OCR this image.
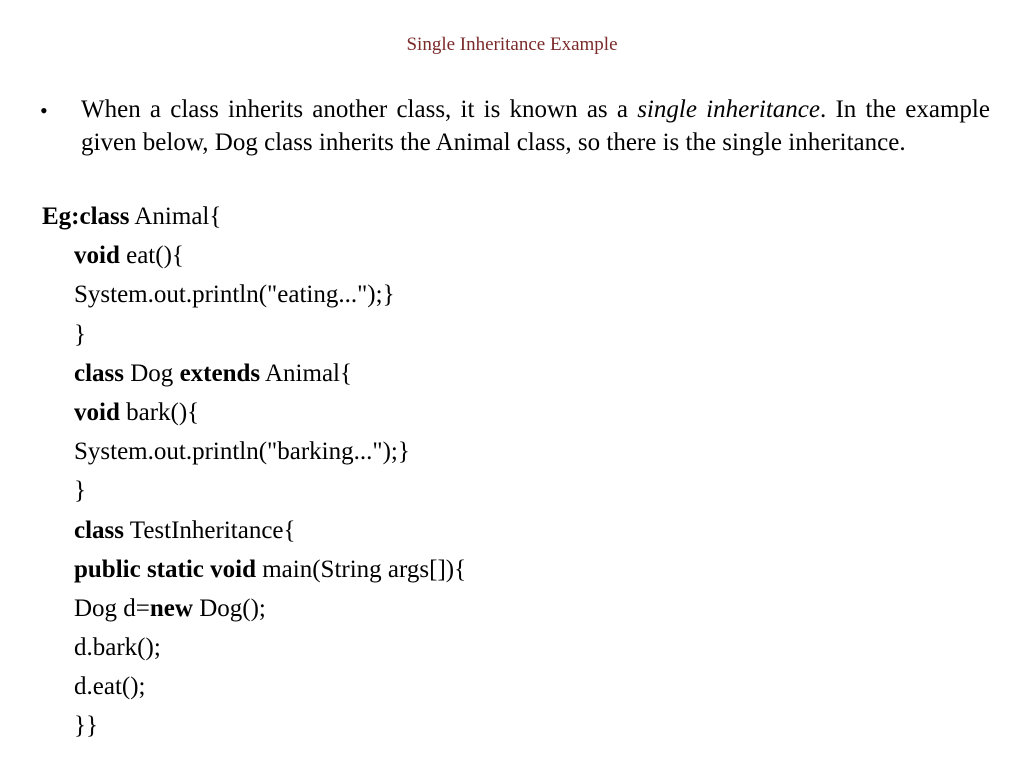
Single Inheritance Example
• When a class inherits another class, it is known as a single inheritance. In the example given below, Dog class inherits the Animal class, so there is the single inheritance.
Eg:class Animal{
void eat(){
System.out.println("eating...");}
}
class Dog extends Animal{
void bark(){
System.out.println("barking...");}
}
class TestInheritance{
public static void main(String args[]){
Dog d=new Dog();
d.bark();
d.eat();
}}
